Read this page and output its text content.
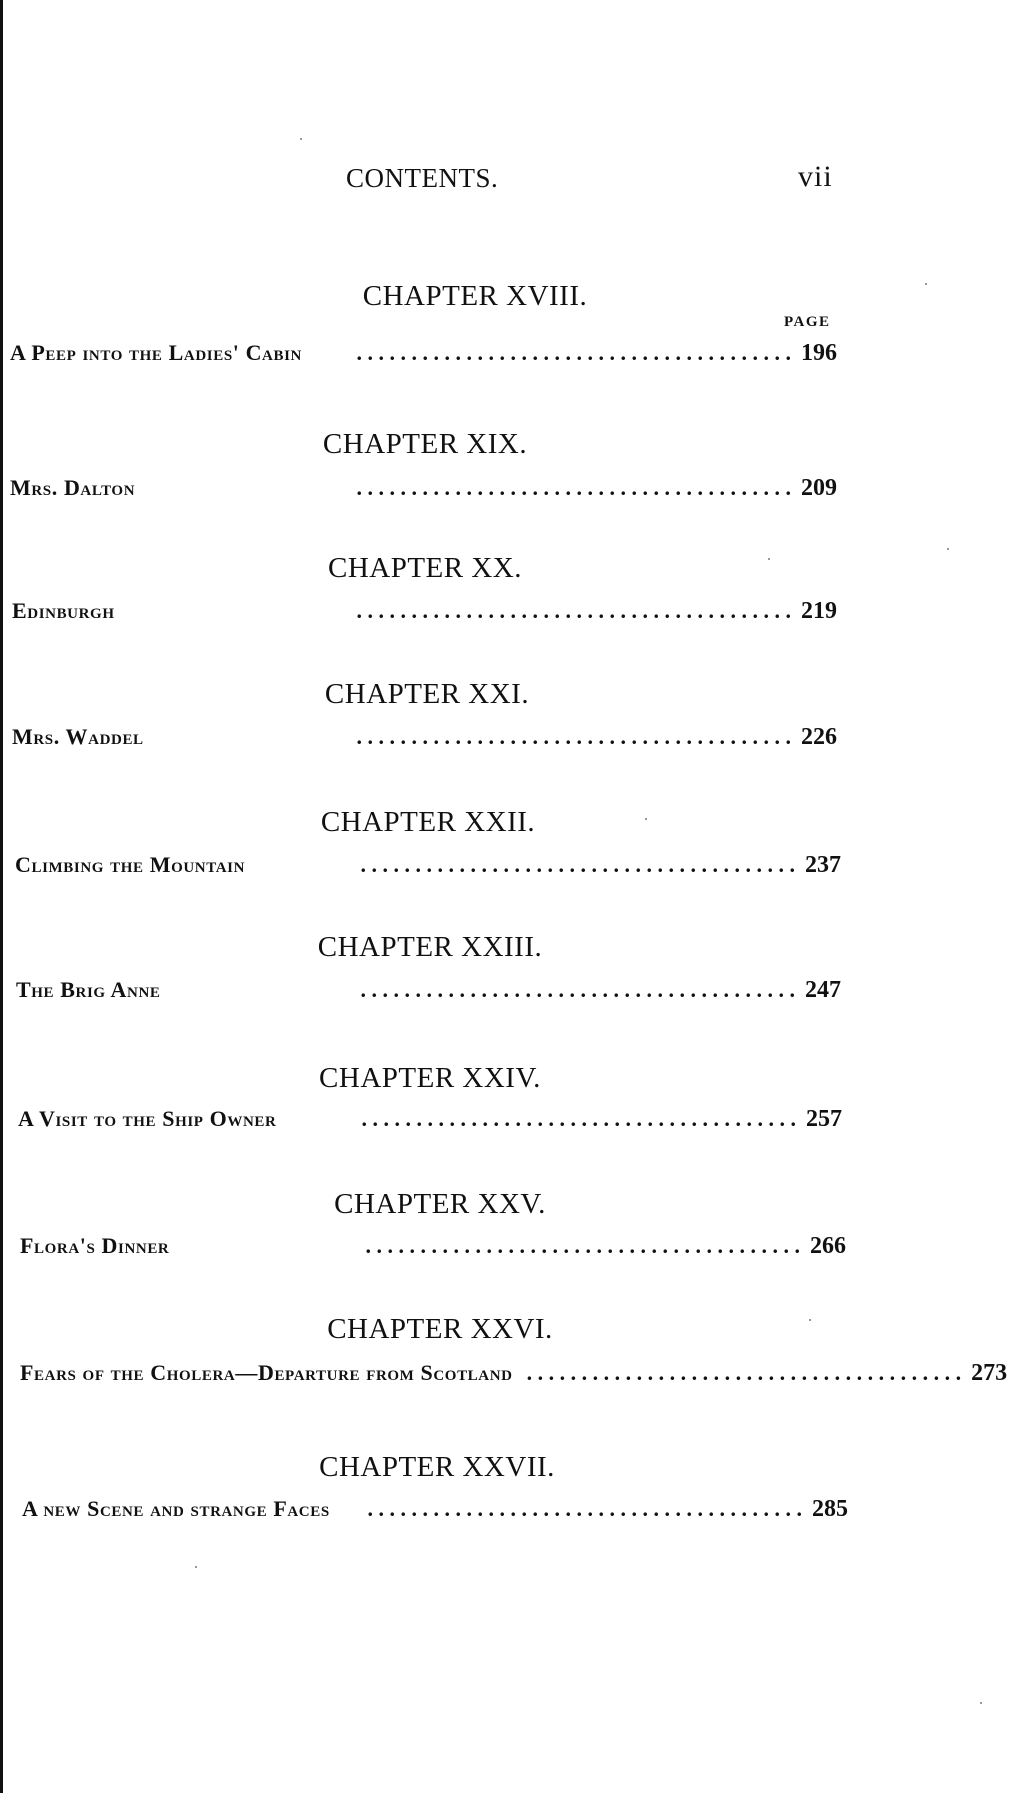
CONTENTS.	vii
PAGE
CHAPTER XVIII.
A Peep into the Ladies' Cabin	. . . . . . . . . . . . . . . . . . . . . . . . . . . . . . . . . . . . . . . . 196
CHAPTER XIX.
Mrs. Dalton	. . . . . . . . . . . . . . . . . . . . . . . . . . . . . . . . . . . . . . . . 209
CHAPTER XX.
Edinburgh	. . . . . . . . . . . . . . . . . . . . . . . . . . . . . . . . . . . . . . . . 219
CHAPTER XXI.
Mrs. Waddel	. . . . . . . . . . . . . . . . . . . . . . . . . . . . . . . . . . . . . . . . 226
CHAPTER XXII.
Climbing the Mountain	. . . . . . . . . . . . . . . . . . . . . . . . . . . . . . . . . . . . . . . . 237
CHAPTER XXIII.
The Brig Anne	. . . . . . . . . . . . . . . . . . . . . . . . . . . . . . . . . . . . . . . . 247
CHAPTER XXIV.
A Visit to the Ship Owner	. . . . . . . . . . . . . . . . . . . . . . . . . . . . . . . . . . . . . . . . 257
CHAPTER XXV.
Flora's Dinner	. . . . . . . . . . . . . . . . . . . . . . . . . . . . . . . . . . . . . . . . 266
CHAPTER XXVI.
Fears of the Cholera—Departure from Scotland . . . . . . . . . . . . . . . . . . . . . . . . . . . . . . . . . . . . . . . . 273
CHAPTER XXVII.
A new Scene and strange Faces	. . . . . . . . . . . . . . . . . . . . . . . . . . . . . . . . . . . . . . . . 285
